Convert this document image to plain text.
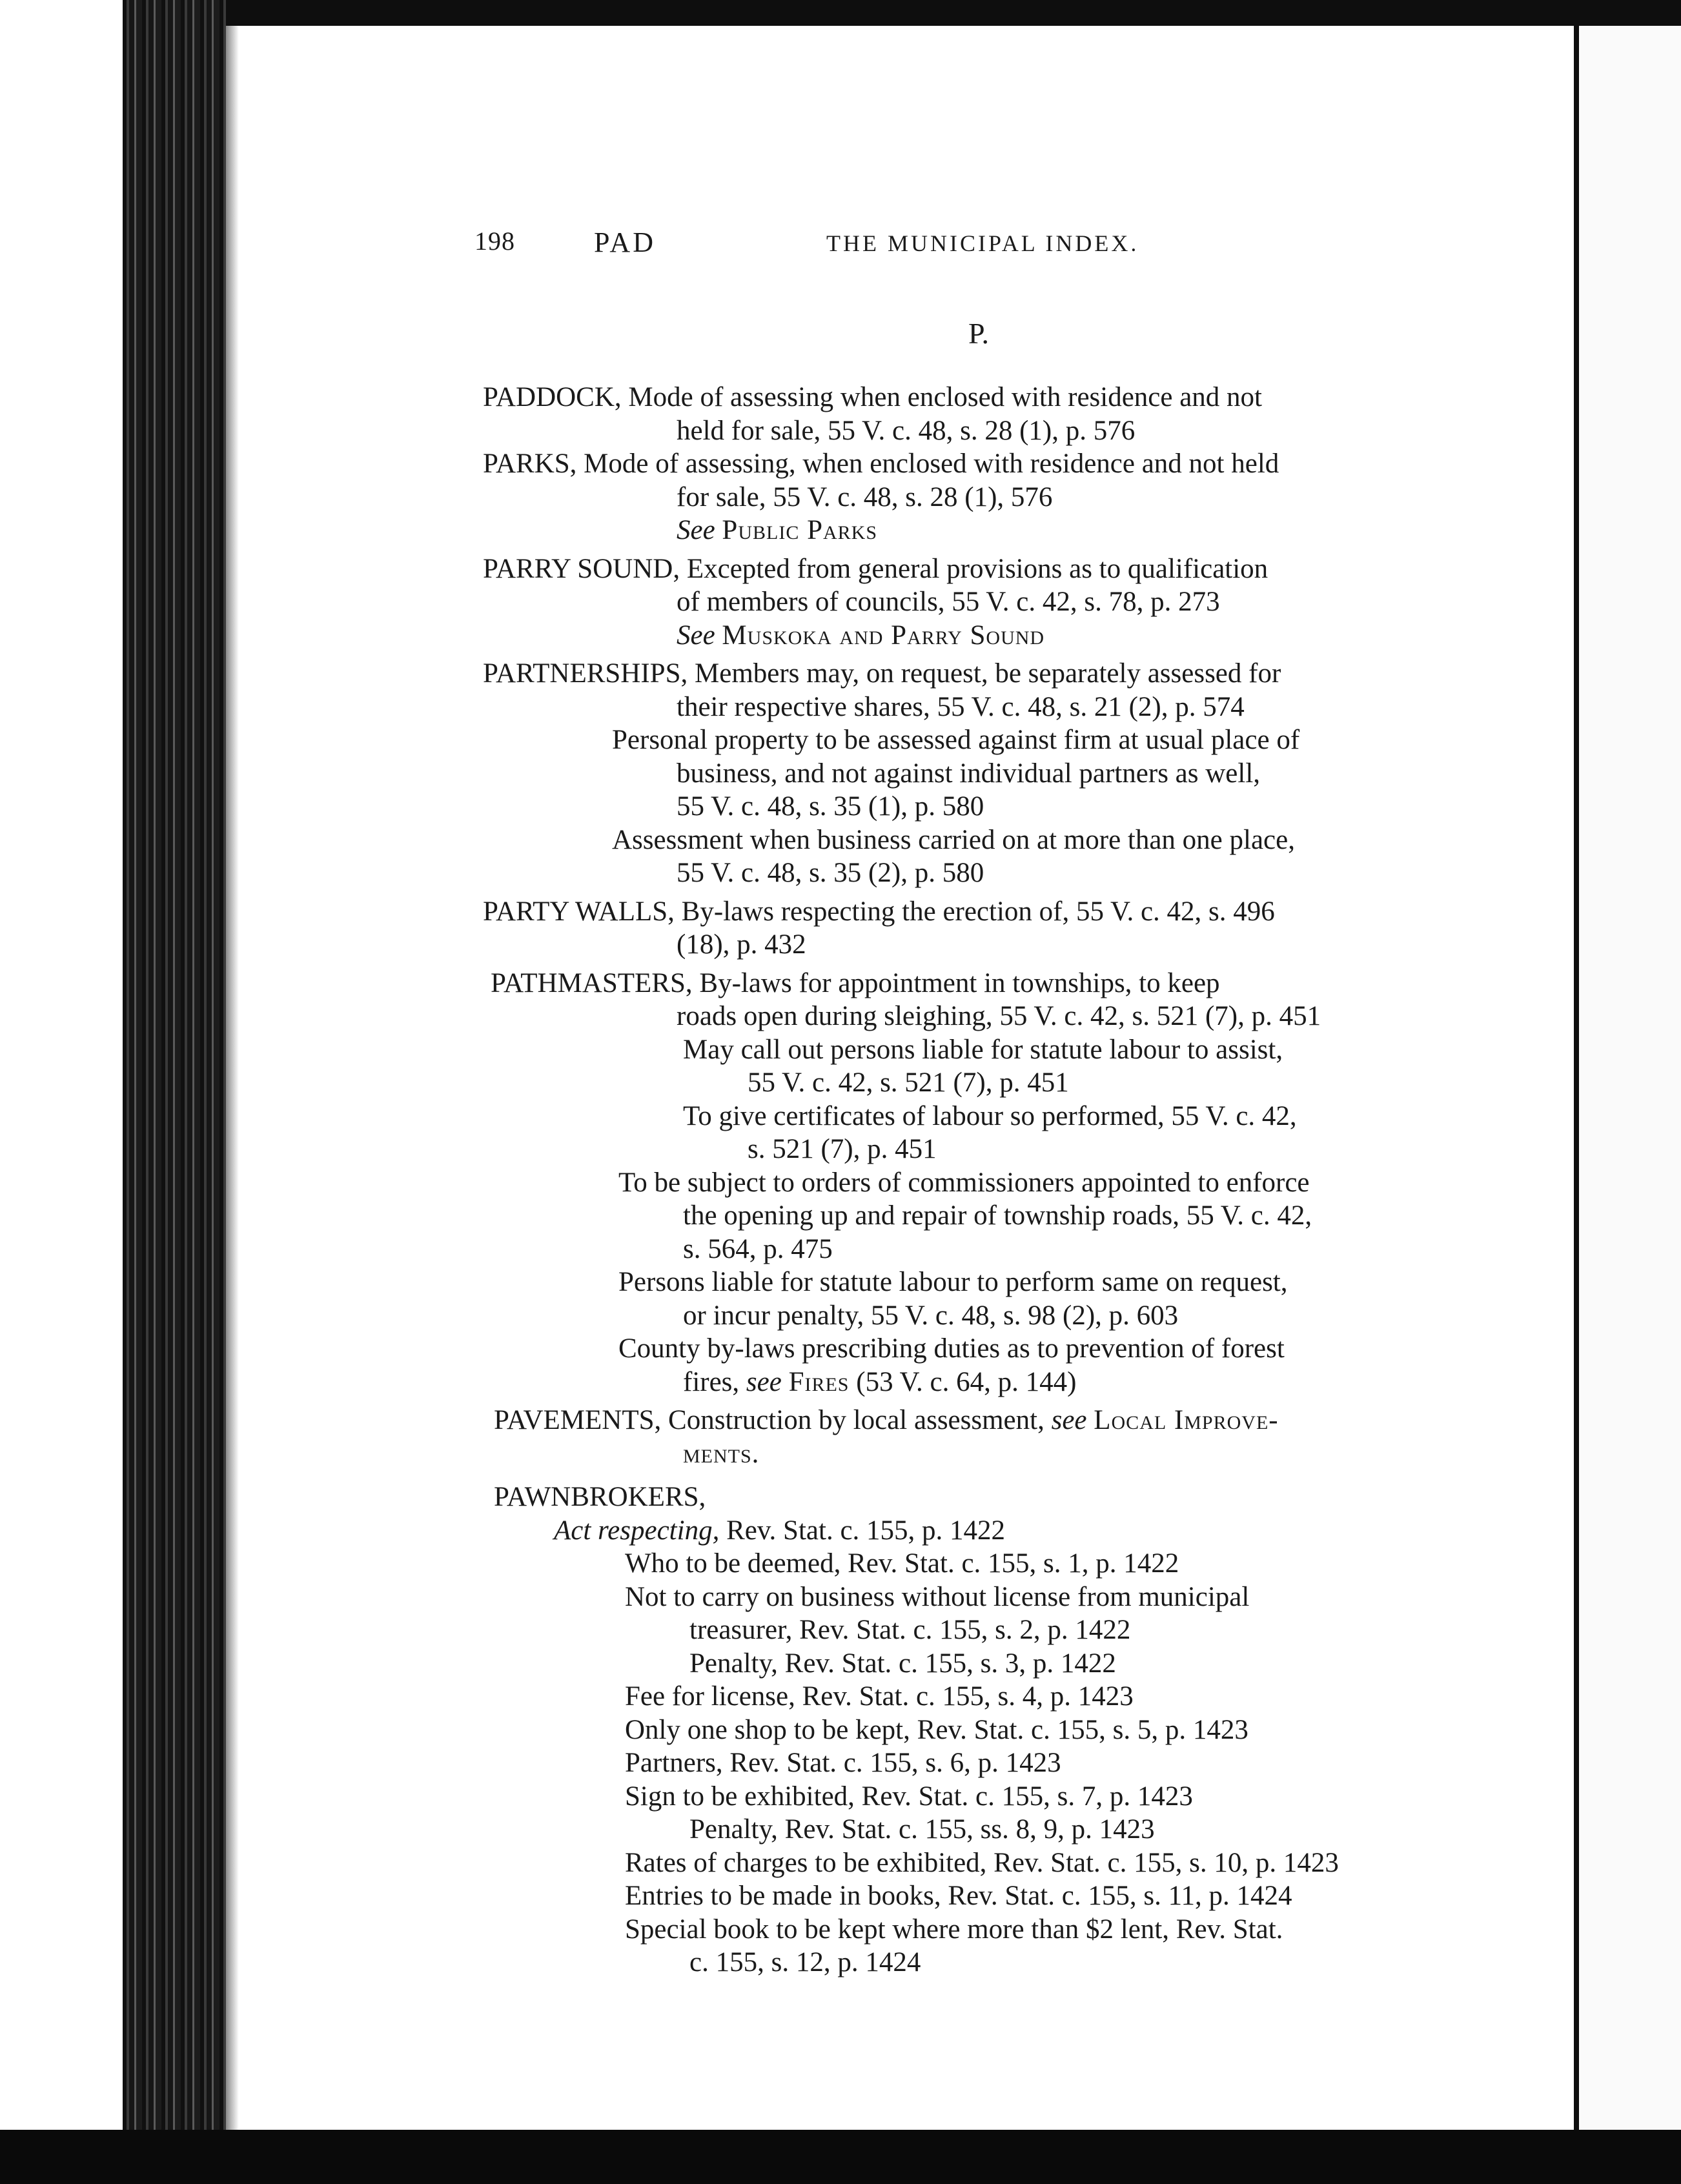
198	PAD	THE MUNICIPAL INDEX.
P.
PADDOCK, Mode of assessing when enclosed with residence and not
held for sale, 55 V. c. 48, s. 28 (1), p. 576
PARKS, Mode of assessing, when enclosed with residence and not held
for sale, 55 V. c. 48, s. 28 (1), 576
See Public Parks
PARRY SOUND, Excepted from general provisions as to qualification
of members of councils, 55 V. c. 42, s. 78, p. 273
See Muskoka and Parry Sound
PARTNERSHIPS, Members may, on request, be separately assessed for
their respective shares, 55 V. c. 48, s. 21 (2), p. 574
Personal property to be assessed against firm at usual place of
business, and not against individual partners as well,
55 V. c. 48, s. 35 (1), p. 580
Assessment when business carried on at more than one place,
55 V. c. 48, s. 35 (2), p. 580
PARTY WALLS, By-laws respecting the erection of, 55 V. c. 42, s. 496
(18), p. 432
PATHMASTERS, By-laws for appointment in townships, to keep
roads open during sleighing, 55 V. c. 42, s. 521 (7), p. 451
May call out persons liable for statute labour to assist,
55 V. c. 42, s. 521 (7), p. 451
To give certificates of labour so performed, 55 V. c. 42,
s. 521 (7), p. 451
To be subject to orders of commissioners appointed to enforce
the opening up and repair of township roads, 55 V. c. 42,
s. 564, p. 475
Persons liable for statute labour to perform same on request,
or incur penalty, 55 V. c. 48, s. 98 (2), p. 603
County by-laws prescribing duties as to prevention of forest
fires, see Fires (53 V. c. 64, p. 144)
PAVEMENTS, Construction by local assessment, see Local Improve-
ments.
PAWNBROKERS,
Act respecting, Rev. Stat. c. 155, p. 1422
Who to be deemed, Rev. Stat. c. 155, s. 1, p. 1422
Not to carry on business without license from municipal
treasurer, Rev. Stat. c. 155, s. 2, p. 1422
Penalty, Rev. Stat. c. 155, s. 3, p. 1422
Fee for license, Rev. Stat. c. 155, s. 4, p. 1423
Only one shop to be kept, Rev. Stat. c. 155, s. 5, p. 1423
Partners, Rev. Stat. c. 155, s. 6, p. 1423
Sign to be exhibited, Rev. Stat. c. 155, s. 7, p. 1423
Penalty, Rev. Stat. c. 155, ss. 8, 9, p. 1423
Rates of charges to be exhibited, Rev. Stat. c. 155, s. 10, p. 1423
Entries to be made in books, Rev. Stat. c. 155, s. 11, p. 1424
Special book to be kept where more than $2 lent, Rev. Stat.
c. 155, s. 12, p. 1424
